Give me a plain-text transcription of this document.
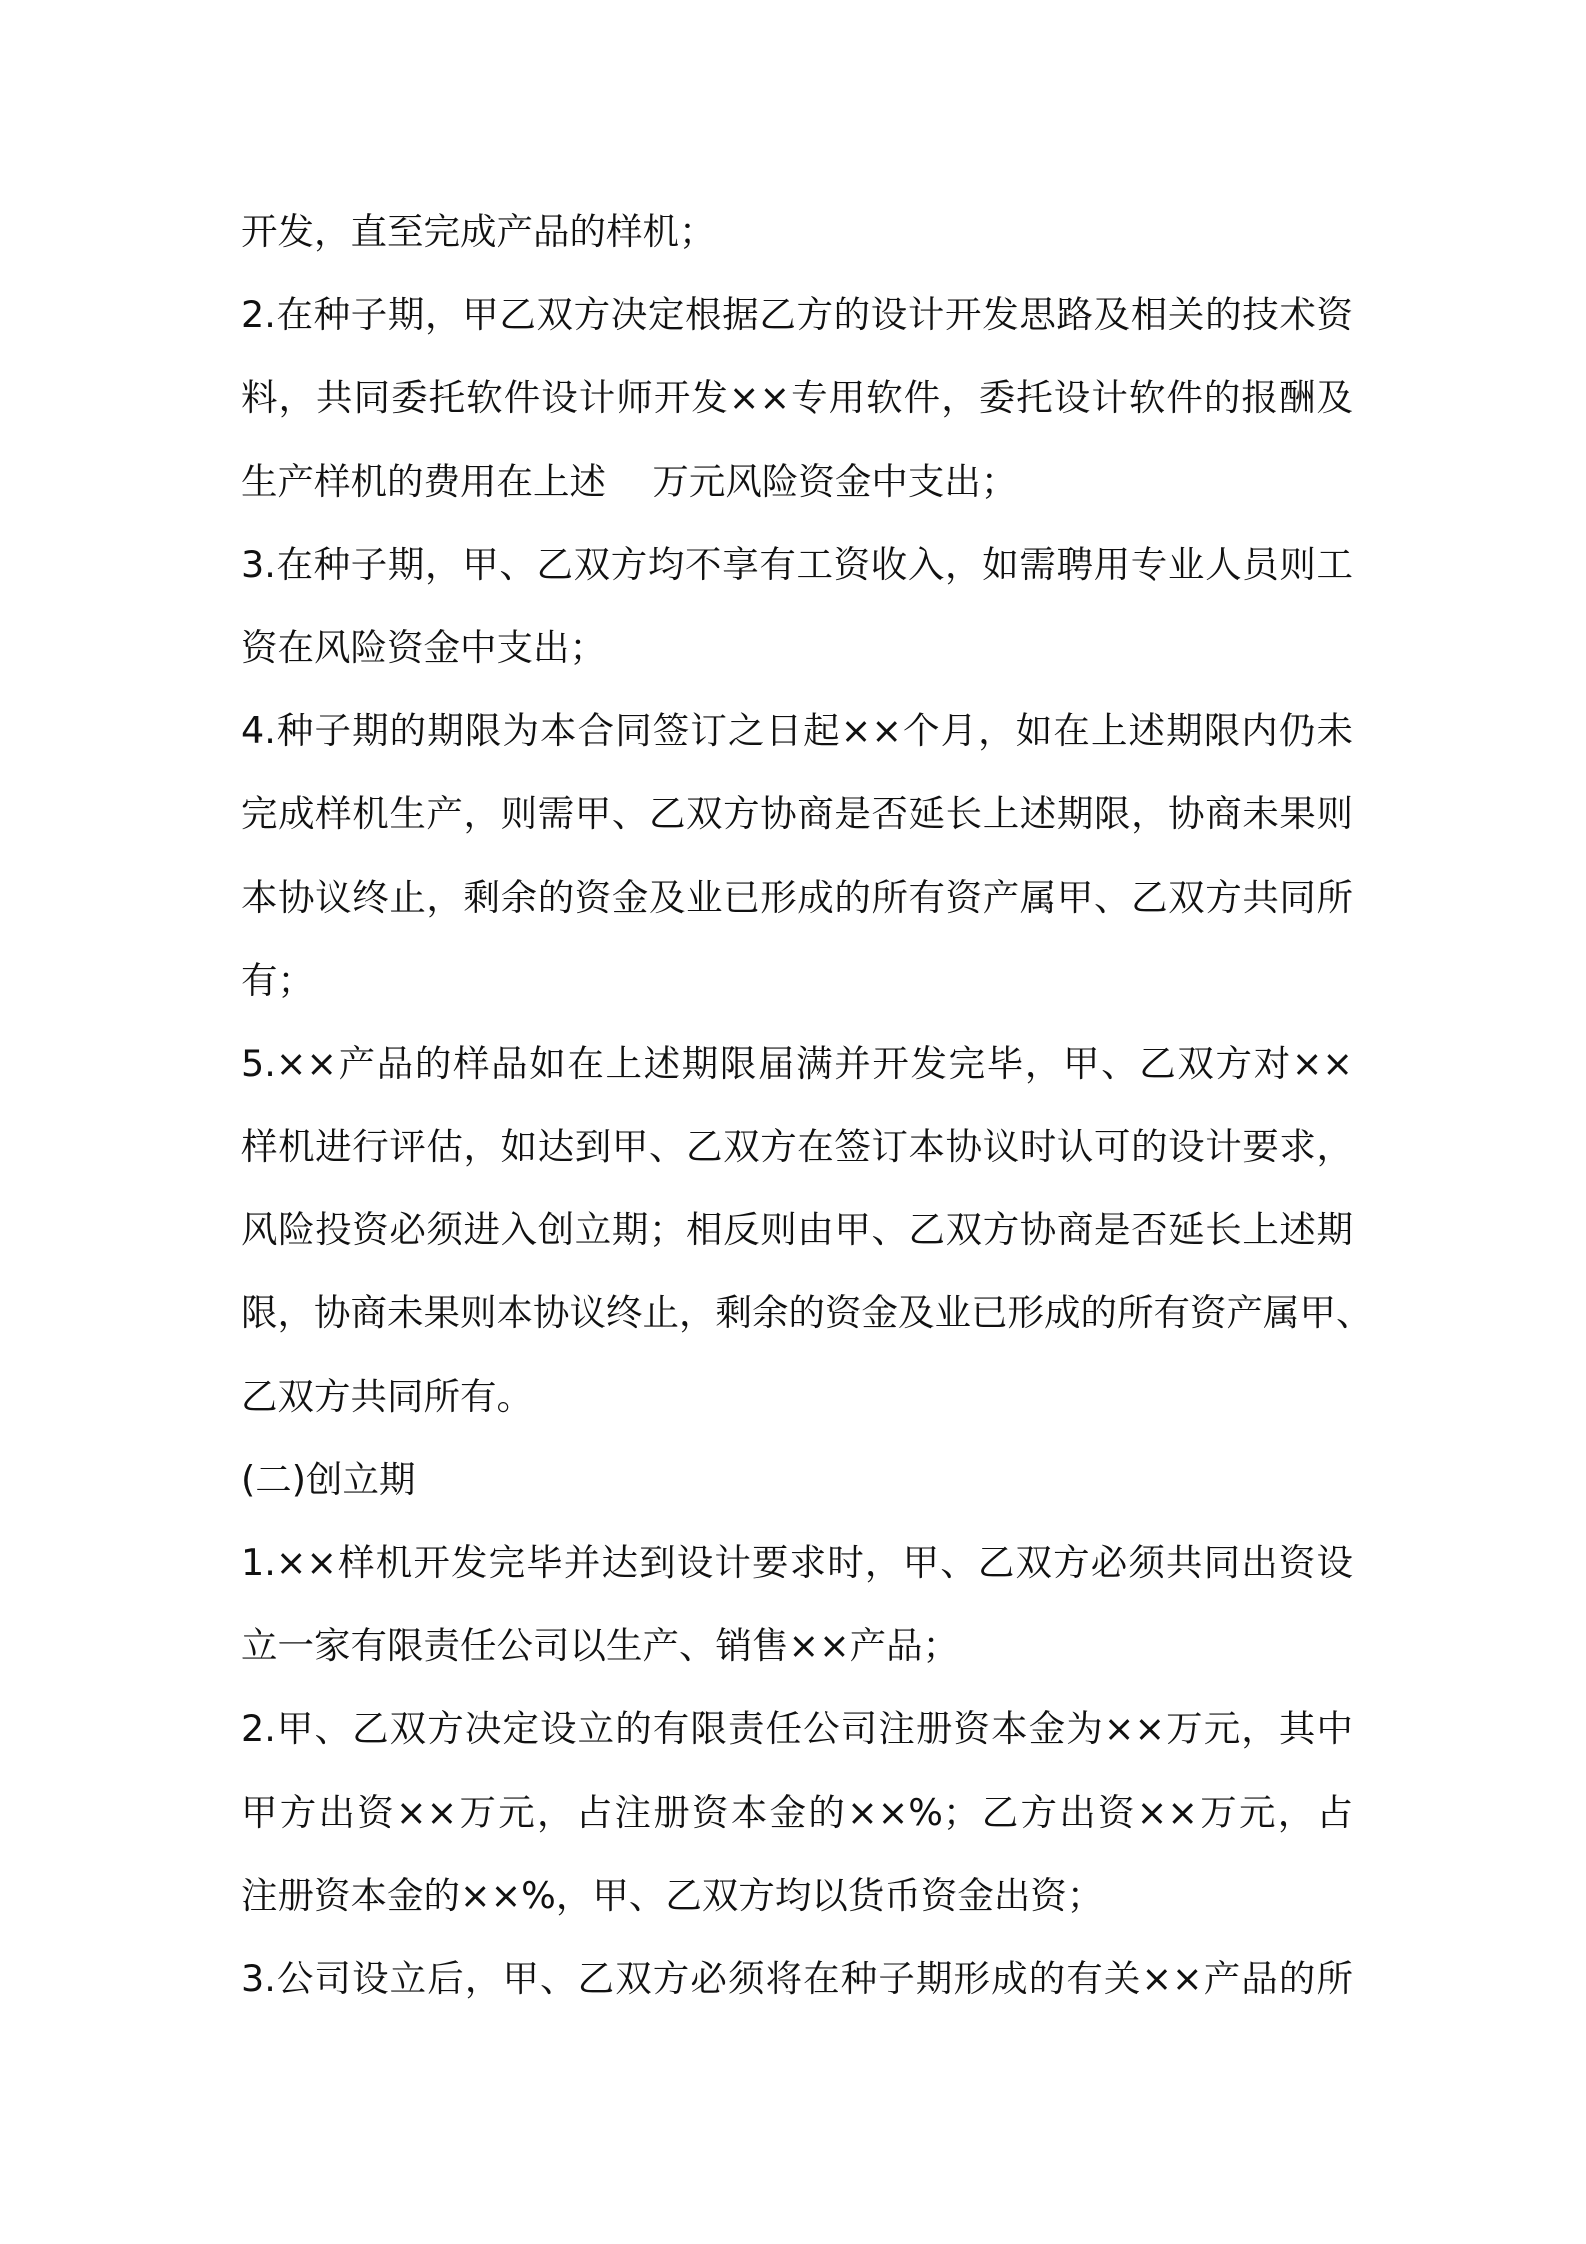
开发，直至完成产品的样机；
2.在种子期，甲乙双方决定根据乙方的设计开发思路及相关的技术资
料，共同委托软件设计师开发××专用软件，委托设计软件的报酬及
生产样机的费用在上述    万元风险资金中支出；
3.在种子期，甲、乙双方均不享有工资收入，如需聘用专业人员则工
资在风险资金中支出；
4.种子期的期限为本合同签订之日起××个月，如在上述期限内仍未
完成样机生产，则需甲、乙双方协商是否延长上述期限，协商未果则
本协议终止，剩余的资金及业已形成的所有资产属甲、乙双方共同所
有；
5.××产品的样品如在上述期限届满并开发完毕，甲、乙双方对××
样机进行评估，如达到甲、乙双方在签订本协议时认可的设计要求，
风险投资必须进入创立期；相反则由甲、乙双方协商是否延长上述期
限，协商未果则本协议终止，剩余的资金及业已形成的所有资产属甲、
乙双方共同所有。
(二)创立期
1.××样机开发完毕并达到设计要求时，甲、乙双方必须共同出资设
立一家有限责任公司以生产、销售××产品；
2.甲、乙双方决定设立的有限责任公司注册资本金为××万元，其中
甲方出资××万元，占注册资本金的××%；乙方出资××万元，占
注册资本金的××%，甲、乙双方均以货币资金出资；
3.公司设立后，甲、乙双方必须将在种子期形成的有关××产品的所
